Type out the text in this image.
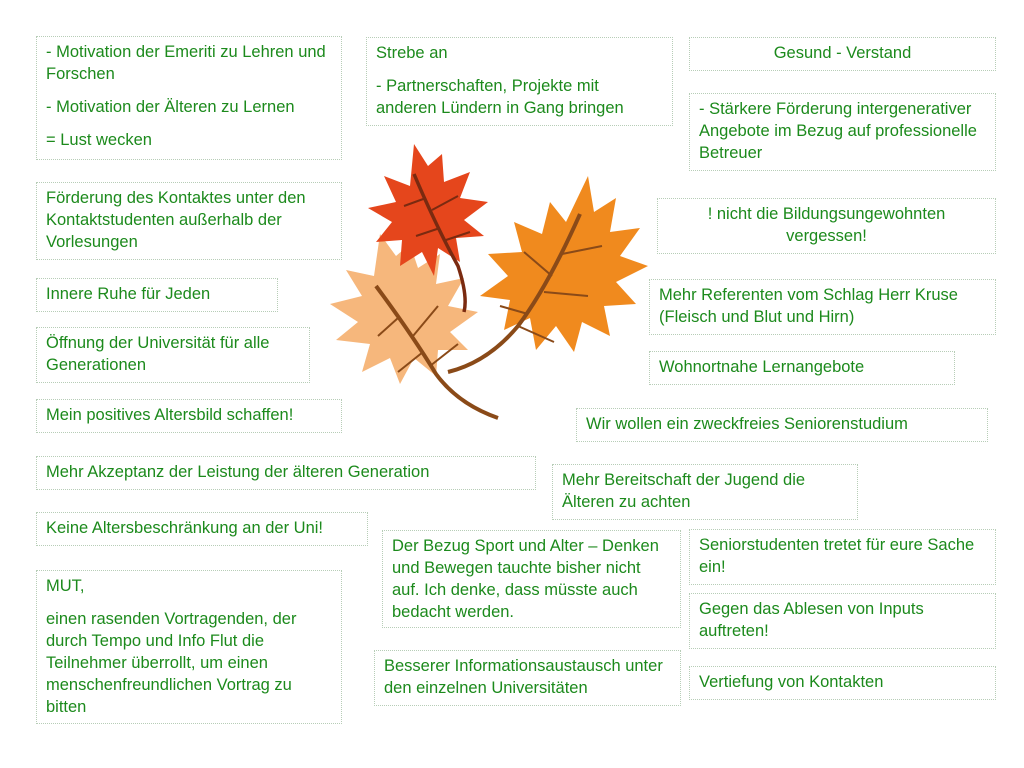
- Motivation der Emeriti zu Lehren und Forschen

- Motivation der Älteren zu Lernen

= Lust wecken

Förderung des Kontaktes unter den Kontaktstudenten außerhalb der Vorlesungen

Innere Ruhe für Jeden

Öffnung der Universität für alle Generationen

Mein positives Altersbild schaffen!

Mehr Akzeptanz der Leistung der älteren Generation

Keine Altersbeschränkung an der Uni!

MUT,

einen rasenden Vortragenden, der durch Tempo und Info Flut die Teilnehmer überrollt, um einen menschenfreundlichen Vortrag zu bitten

Strebe an

- Partnerschaften, Projekte mit anderen Lündern in Gang bringen

Der Bezug Sport und Alter – Denken und Bewegen tauchte bisher nicht auf. Ich denke, dass müsste auch bedacht werden.

Besserer Informationsaustausch unter den einzelnen Universitäten

Mehr Bereitschaft der Jugend die Älteren zu achten

Wir wollen ein zweckfreies Seniorenstudium

Gesund - Verstand

- Stärkere Förderung intergenerativer Angebote im Bezug auf professionelle Betreuer

! nicht die Bildungsungewohnten vergessen!

Mehr Referenten vom Schlag Herr Kruse (Fleisch und Blut und Hirn)

Wohnortnahe Lernangebote

Seniorstudenten tretet für eure Sache ein!

Gegen das Ablesen von Inputs auftreten!

Vertiefung von Kontakten
